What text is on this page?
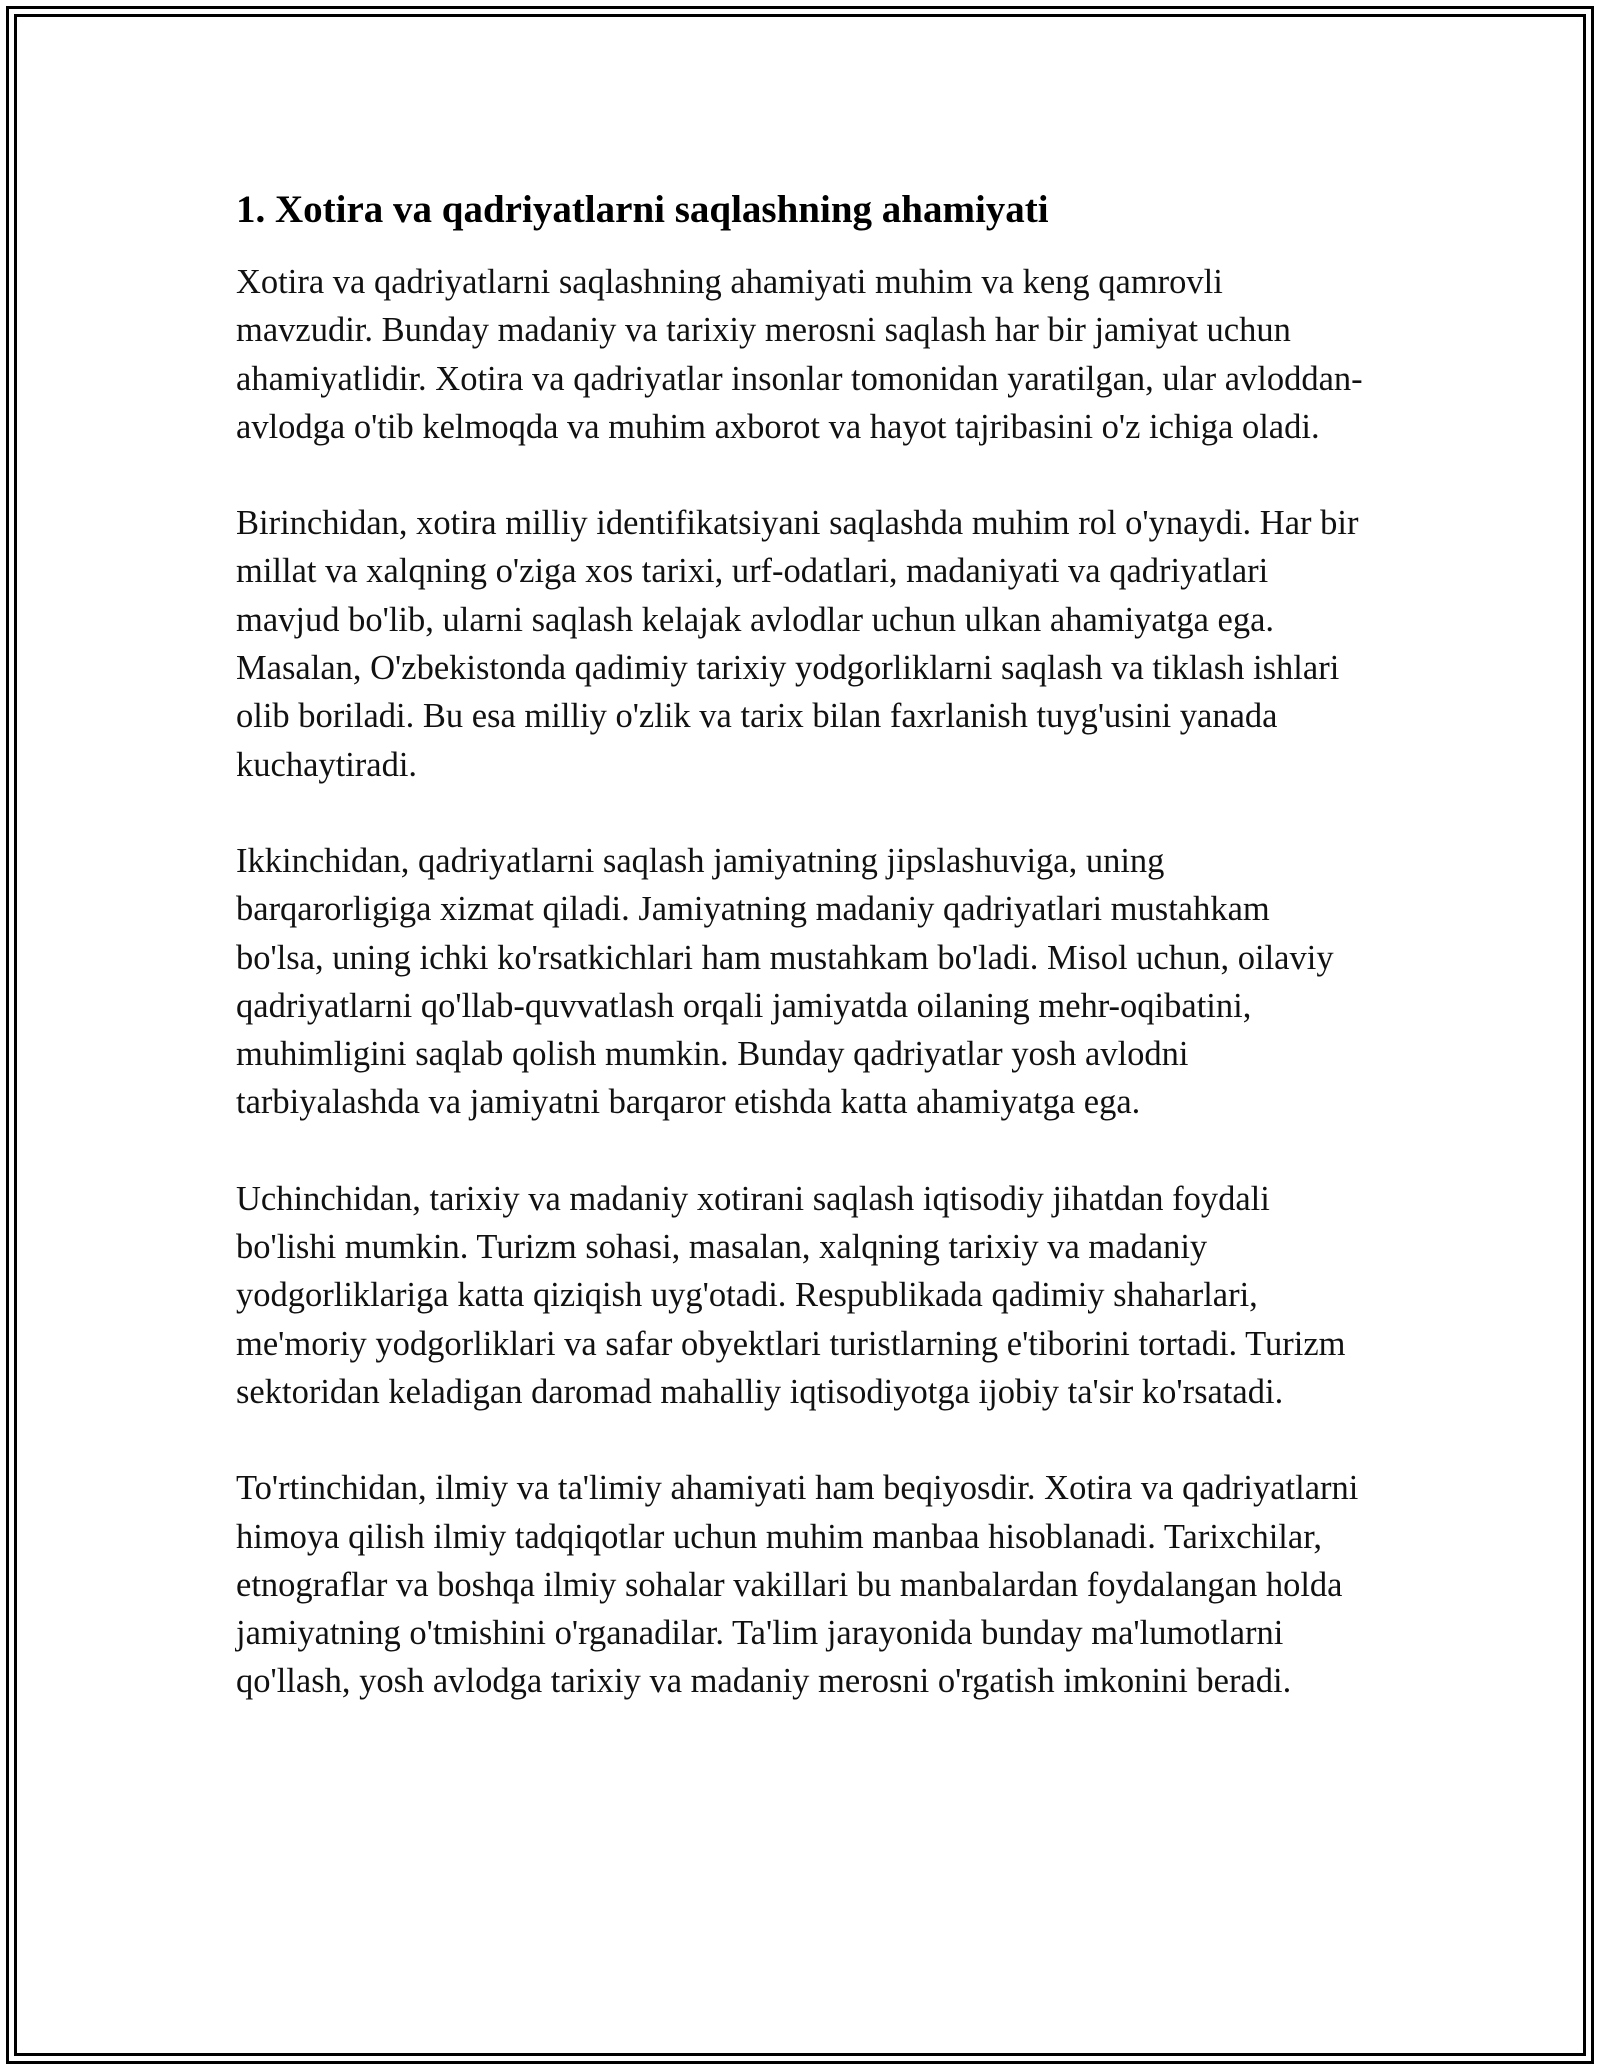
1. Xotira va qadriyatlarni saqlashning ahamiyati

Xotira va qadriyatlarni saqlashning ahamiyati muhim va keng qamrovli mavzudir. Bunday madaniy va tarixiy merosni saqlash har bir jamiyat uchun ahamiyatlidir. Xotira va qadriyatlar insonlar tomonidan yaratilgan, ular avloddan-avlodga o'tib kelmoqda va muhim axborot va hayot tajribasini o'z ichiga oladi.

Birinchidan, xotira milliy identifikatsiyani saqlashda muhim rol o'ynaydi. Har bir millat va xalqning o'ziga xos tarixi, urf-odatlari, madaniyati va qadriyatlari mavjud bo'lib, ularni saqlash kelajak avlodlar uchun ulkan ahamiyatga ega. Masalan, O'zbekistonda qadimiy tarixiy yodgorliklarni saqlash va tiklash ishlari olib boriladi. Bu esa milliy o'zlik va tarix bilan faxrlanish tuyg'usini yanada kuchaytiradi.

Ikkinchidan, qadriyatlarni saqlash jamiyatning jipslashuviga, uning barqarorligiga xizmat qiladi. Jamiyatning madaniy qadriyatlari mustahkam bo'lsa, uning ichki ko'rsatkichlari ham mustahkam bo'ladi. Misol uchun, oilaviy qadriyatlarni qo'llab-quvvatlash orqali jamiyatda oilaning mehr-oqibatini, muhimligini saqlab qolish mumkin. Bunday qadriyatlar yosh avlodni tarbiyalashda va jamiyatni barqaror etishda katta ahamiyatga ega.

Uchinchidan, tarixiy va madaniy xotirani saqlash iqtisodiy jihatdan foydali bo'lishi mumkin. Turizm sohasi, masalan, xalqning tarixiy va madaniy yodgorliklariga katta qiziqish uyg'otadi. Respublikada qadimiy shaharlari, me'moriy yodgorliklari va safar obyektlari turistlarning e'tiborini tortadi. Turizm sektoridan keladigan daromad mahalliy iqtisodiyotga ijobiy ta'sir ko'rsatadi.

To'rtinchidan, ilmiy va ta'limiy ahamiyati ham beqiyosdir. Xotira va qadriyatlarni himoya qilish ilmiy tadqiqotlar uchun muhim manbaa hisoblanadi. Tarixchilar, etnograflar va boshqa ilmiy sohalar vakillari bu manbalardan foydalangan holda jamiyatning o'tmishini o'rganadilar. Ta'lim jarayonida bunday ma'lumotlarni qo'llash, yosh avlodga tarixiy va madaniy merosni o'rgatish imkonini beradi.
